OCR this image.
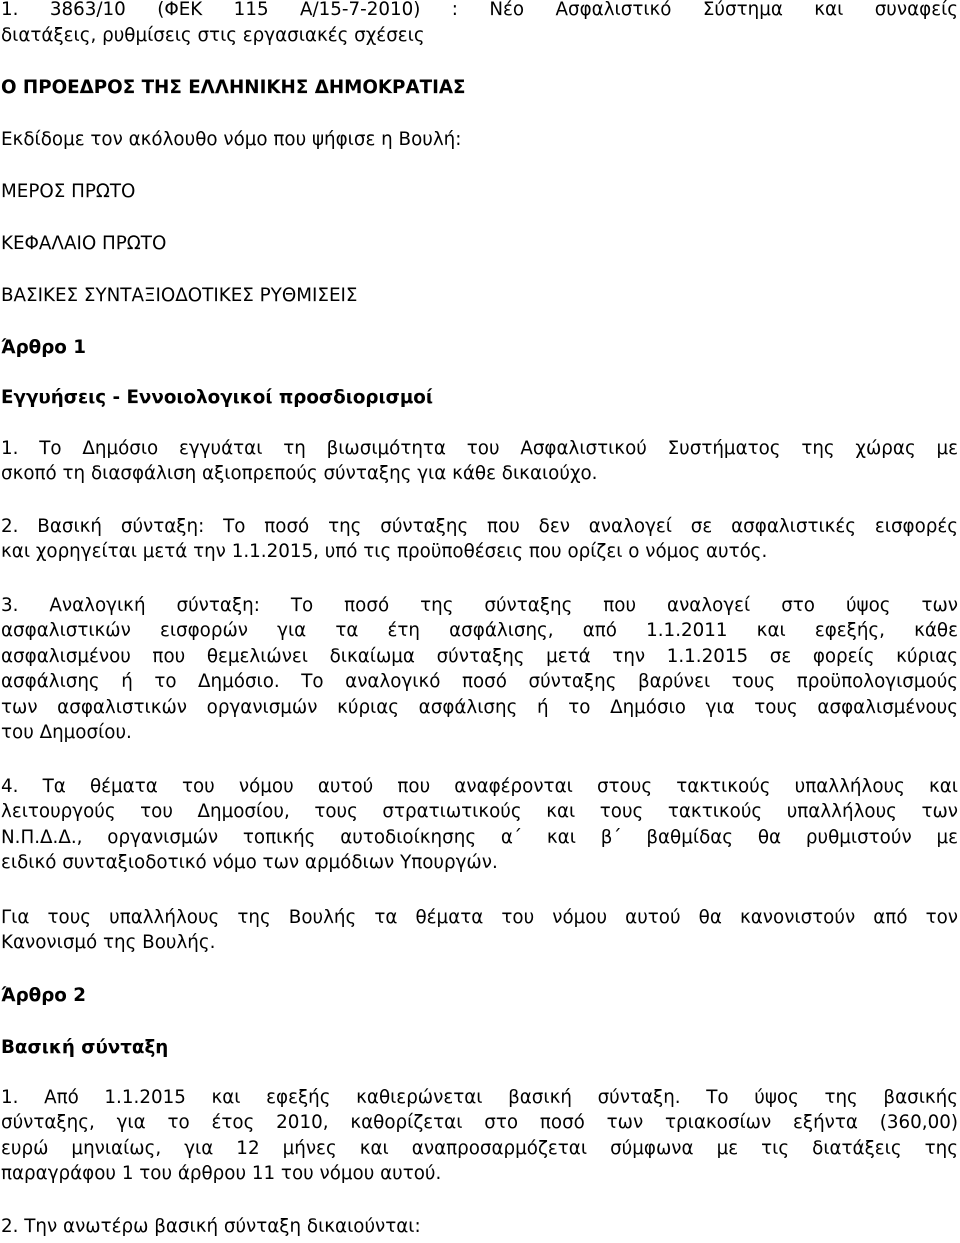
1. 3863/10 (ΦΕΚ 115 Α/15-7-2010) : Νέο Ασφαλιστικό Σύστημα και συναφείς
διατάξεις, ρυθμίσεις στις εργασιακές σχέσεις
Ο ΠΡΟΕΔΡΟΣ ΤΗΣ ΕΛΛΗΝΙΚΗΣ ΔΗΜΟΚΡΑΤΙΑΣ
Εκδίδομε τον ακόλουθο νόμο που ψήφισε η Βουλή:
ΜΕΡΟΣ ΠΡΩΤΟ
ΚΕΦΑΛΑΙΟ ΠΡΩΤΟ
ΒΑΣΙΚΕΣ ΣΥΝΤΑΞΙΟΔΟΤΙΚΕΣ ΡΥΘΜΙΣΕΙΣ
Άρθρο 1
Εγγυήσεις - Εννοιολογικοί προσδιορισμοί
1. Το Δημόσιο εγγυάται τη βιωσιμότητα του Ασφαλιστικού Συστήματος της χώρας με
σκοπό τη διασφάλιση αξιοπρεπούς σύνταξης για κάθε δικαιούχο.
2. Βασική σύνταξη: Το ποσό της σύνταξης που δεν αναλογεί σε ασφαλιστικές εισφορές
και χορηγείται μετά την 1.1.2015, υπό τις προϋποθέσεις που ορίζει ο νόμος αυτός.
3. Αναλογική σύνταξη: Το ποσό της σύνταξης που αναλογεί στο ύψος των
ασφαλιστικών εισφορών για τα έτη ασφάλισης, από 1.1.2011 και εφεξής, κάθε
ασφαλισμένου που θεμελιώνει δικαίωμα σύνταξης μετά την 1.1.2015 σε φορείς κύριας
ασφάλισης ή το Δημόσιο. Το αναλογικό ποσό σύνταξης βαρύνει τους προϋπολογισμούς
των ασφαλιστικών οργανισμών κύριας ασφάλισης ή το Δημόσιο για τους ασφαλισμένους
του Δημοσίου.
4. Τα θέματα του νόμου αυτού που αναφέρονται στους τακτικούς υπαλλήλους και
λειτουργούς του Δημοσίου, τους στρατιωτικούς και τους τακτικούς υπαλλήλους των
Ν.Π.Δ.Δ., οργανισμών τοπικής αυτοδιοίκησης α΄ και β΄ βαθμίδας θα ρυθμιστούν με
ειδικό συνταξιοδοτικό νόμο των αρμόδιων Υπουργών.
Για τους υπαλλήλους της Βουλής τα θέματα του νόμου αυτού θα κανονιστούν από τον
Κανονισμό της Βουλής.
Άρθρο 2
Βασική σύνταξη
1. Από 1.1.2015 και εφεξής καθιερώνεται βασική σύνταξη. Το ύψος της βασικής
σύνταξης, για το έτος 2010, καθορίζεται στο ποσό των τριακοσίων εξήντα (360,00)
ευρώ μηνιαίως, για 12 μήνες και αναπροσαρμόζεται σύμφωνα με τις διατάξεις της
παραγράφου 1 του άρθρου 11 του νόμου αυτού.
2. Την ανωτέρω βασική σύνταξη δικαιούνται:
